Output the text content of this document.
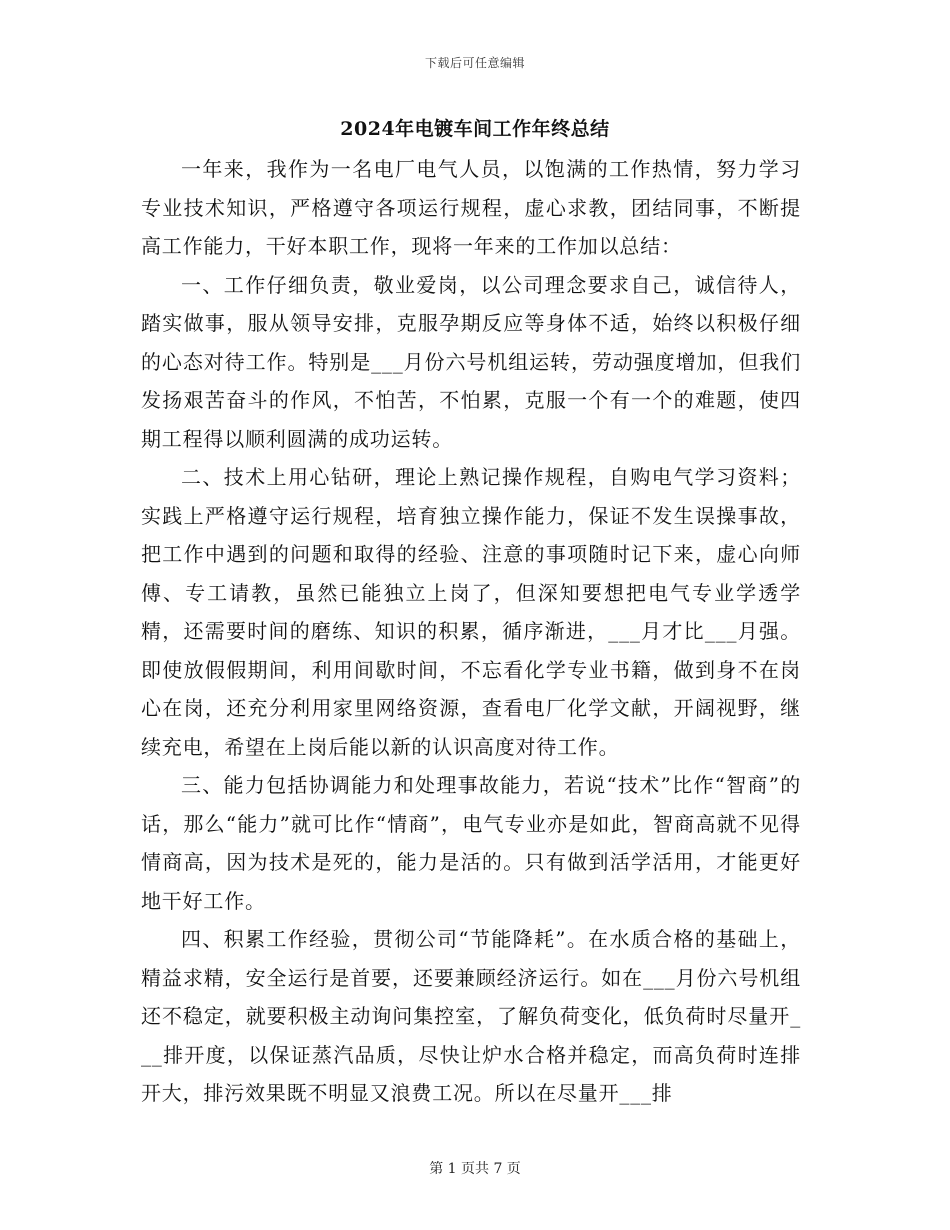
下载后可任意编辑
2024年电镀车间工作年终总结

一年来，我作为一名电厂电气人员，以饱满的工作热情，努力学习专业技术知识，严格遵守各项运行规程，虚心求教，团结同事，不断提高工作能力，干好本职工作，现将一年来的工作加以总结：

一、工作仔细负责，敬业爱岗，以公司理念要求自己，诚信待人，踏实做事，服从领导安排，克服孕期反应等身体不适，始终以积极仔细的心态对待工作。特别是___月份六号机组运转，劳动强度增加，但我们发扬艰苦奋斗的作风，不怕苦，不怕累，克服一个有一个的难题，使四期工程得以顺利圆满的成功运转。

二、技术上用心钻研，理论上熟记操作规程，自购电气学习资料；实践上严格遵守运行规程，培育独立操作能力，保证不发生误操事故，把工作中遇到的问题和取得的经验、注意的事项随时记下来，虚心向师傅、专工请教，虽然已能独立上岗了，但深知要想把电气专业学透学精，还需要时间的磨练、知识的积累，循序渐进，___月才比___月强。即使放假假期间，利用间歇时间，不忘看化学专业书籍，做到身不在岗心在岗，还充分利用家里网络资源，查看电厂化学文献，开阔视野，继续充电，希望在上岗后能以新的认识高度对待工作。

三、能力包括协调能力和处理事故能力，若说“技术”比作“智商”的话，那么“能力”就可比作“情商”，电气专业亦是如此，智商高就不见得情商高，因为技术是死的，能力是活的。只有做到活学活用，才能更好地干好工作。

四、积累工作经验，贯彻公司“节能降耗”。在水质合格的基础上，精益求精，安全运行是首要，还要兼顾经济运行。如在___月份六号机组还不稳定，就要积极主动询问集控室，了解负荷变化，低负荷时尽量开___排开度，以保证蒸汽品质，尽快让炉水合格并稳定，而高负荷时连排开大，排污效果既不明显又浪费工况。所以在尽量开___排

第 1 页共 7 页
